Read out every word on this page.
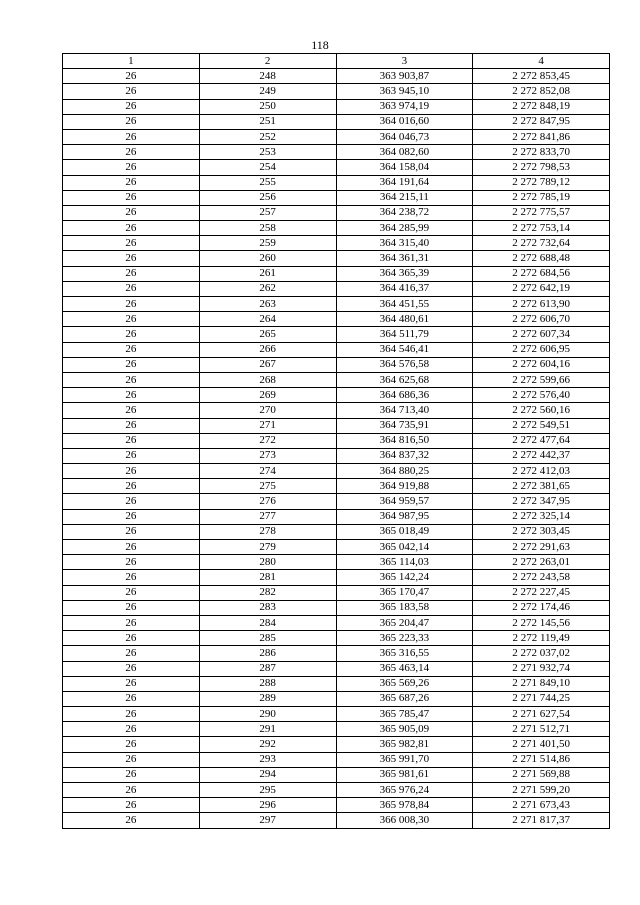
118
1	2	3	4
26	248	363 903,87	2 272 853,45
26	249	363 945,10	2 272 852,08
26	250	363 974,19	2 272 848,19
26	251	364 016,60	2 272 847,95
26	252	364 046,73	2 272 841,86
26	253	364 082,60	2 272 833,70
26	254	364 158,04	2 272 798,53
26	255	364 191,64	2 272 789,12
26	256	364 215,11	2 272 785,19
26	257	364 238,72	2 272 775,57
26	258	364 285,99	2 272 753,14
26	259	364 315,40	2 272 732,64
26	260	364 361,31	2 272 688,48
26	261	364 365,39	2 272 684,56
26	262	364 416,37	2 272 642,19
26	263	364 451,55	2 272 613,90
26	264	364 480,61	2 272 606,70
26	265	364 511,79	2 272 607,34
26	266	364 546,41	2 272 606,95
26	267	364 576,58	2 272 604,16
26	268	364 625,68	2 272 599,66
26	269	364 686,36	2 272 576,40
26	270	364 713,40	2 272 560,16
26	271	364 735,91	2 272 549,51
26	272	364 816,50	2 272 477,64
26	273	364 837,32	2 272 442,37
26	274	364 880,25	2 272 412,03
26	275	364 919,88	2 272 381,65
26	276	364 959,57	2 272 347,95
26	277	364 987,95	2 272 325,14
26	278	365 018,49	2 272 303,45
26	279	365 042,14	2 272 291,63
26	280	365 114,03	2 272 263,01
26	281	365 142,24	2 272 243,58
26	282	365 170,47	2 272 227,45
26	283	365 183,58	2 272 174,46
26	284	365 204,47	2 272 145,56
26	285	365 223,33	2 272 119,49
26	286	365 316,55	2 272 037,02
26	287	365 463,14	2 271 932,74
26	288	365 569,26	2 271 849,10
26	289	365 687,26	2 271 744,25
26	290	365 785,47	2 271 627,54
26	291	365 905,09	2 271 512,71
26	292	365 982,81	2 271 401,50
26	293	365 991,70	2 271 514,86
26	294	365 981,61	2 271 569,88
26	295	365 976,24	2 271 599,20
26	296	365 978,84	2 271 673,43
26	297	366 008,30	2 271 817,37
